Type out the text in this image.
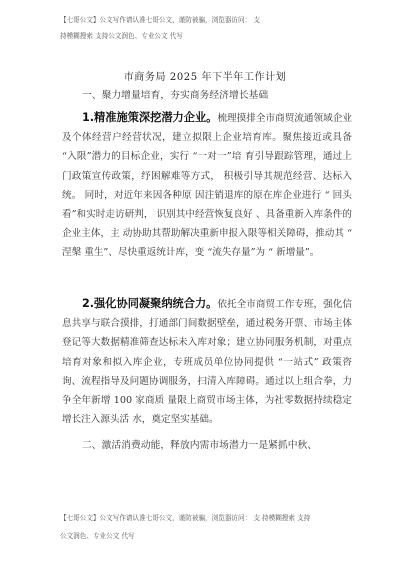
【七哥公文】公文写作请认准七哥公文，谨防被骗，浏览器访问： 支
持模糊搜索 支持公文润色、专业公文 代写
市商务局 2025 年下半年工作计划

一、聚力增量培育，夯实商务经济增长基础

1.精准施策深挖潜力企业。梳理摸排全市商贸流通领域企业及个体经营户经营状况，建立拟限上企业培育库。聚焦接近或具备 “入限”潜力的目标企业，实行 “一对一”培 育引导跟踪管理，通过上门政策宣传政策，纾困解难等方式， 积极引导其规范经营、达标入统。 同时，对近年来因各种原 因注销退库的原在库企业进行 “ 回头看”和实时走访研判， 识别其中经营恢复良好 、具备重新入库条件的企业主体，主 动协助其帮助解决重新申报入限等相关障碍，推动其 “ 涅槃 重生”、尽快重返统计库，变 “流失存量”为 “ 新增量”。

2.强化协同凝聚纳统合力。依托全市商贸工作专班，强化信息共享与联合摸排，打通部门间数据壁垒，通过税务开票、市场主体登记等大数据精准筛查达标未入库对象；建立协同服务机制，对重点培育对象和拟入库企业，专班成员单位协同提供 “一站式” 政策咨询、流程指导及问题协调服务，扫清入库障碍。通过以上组合拳，力争全年新增 100 家商质 量限上商贸市场主体，为社零数据持续稳定增长注入源头活 水，奠定坚实基础。

二、激活消费动能，释放内需市场潜力一是紧抓中秋、

【七哥公文】公文写作请认准七哥公文，谨防被骗，浏览器访问： 支 持模糊搜索 支持
公文润色、专业公文 代写
